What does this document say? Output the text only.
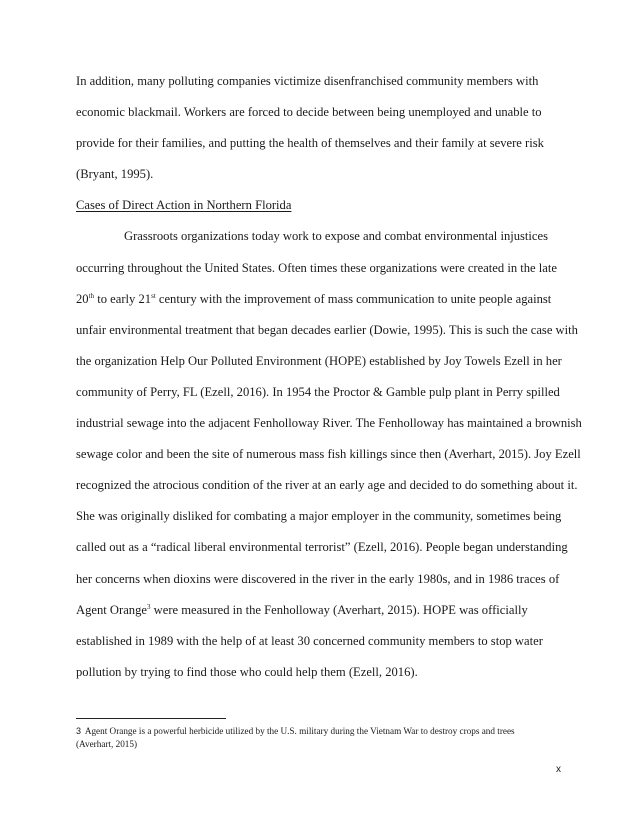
In addition, many polluting companies victimize disenfranchised community members with
economic blackmail. Workers are forced to decide between being unemployed and unable to
provide for their families, and putting the health of themselves and their family at severe risk
(Bryant, 1995).
Cases of Direct Action in Northern Florida
Grassroots organizations today work to expose and combat environmental injustices
occurring throughout the United States. Often times these organizations were created in the late
20th to early 21st century with the improvement of mass communication to unite people against
unfair environmental treatment that began decades earlier (Dowie, 1995). This is such the case with
the organization Help Our Polluted Environment (HOPE) established by Joy Towels Ezell in her
community of Perry, FL (Ezell, 2016). In 1954 the Proctor & Gamble pulp plant in Perry spilled
industrial sewage into the adjacent Fenholloway River. The Fenholloway has maintained a brownish
sewage color and been the site of numerous mass fish killings since then (Averhart, 2015). Joy Ezell
recognized the atrocious condition of the river at an early age and decided to do something about it.
She was originally disliked for combating a major employer in the community, sometimes being
called out as a “radical liberal environmental terrorist” (Ezell, 2016). People began understanding
her concerns when dioxins were discovered in the river in the early 1980s, and in 1986 traces of
Agent Orange$^3$ were measured in the Fenholloway (Averhart, 2015). HOPE was officially
established in 1989 with the help of at least 30 concerned community members to stop water
pollution by trying to find those who could help them (Ezell, 2016).
3 Agent Orange is a powerful herbicide utilized by the U.S. military during the Vietnam War to destroy crops and trees
(Averhart, 2015)
x
